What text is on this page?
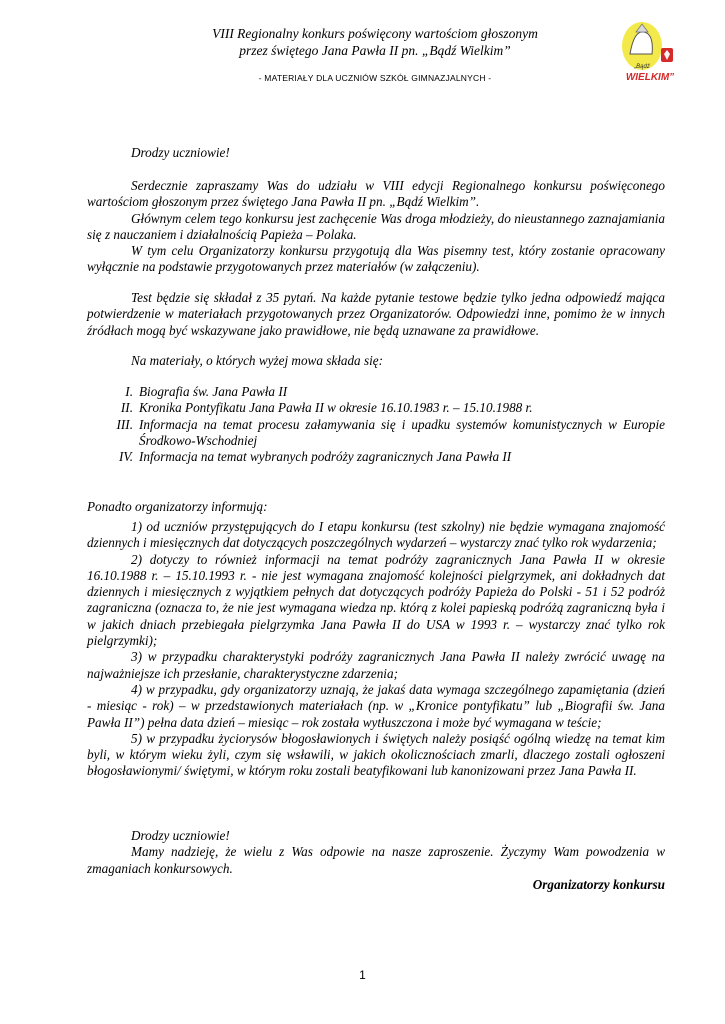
VIII Regionalny konkurs poświęcony wartościom głoszonym
przez świętego Jana Pawła II pn. „Bądź Wielkim”
- MATERIAŁY DLA UCZNIÓW SZKÓŁ GIMNAZJALNYCH -
„Bądź
WIELKIM”
Drodzy uczniowie!

Serdecznie zapraszamy Was do udziału w VIII edycji Regionalnego konkursu poświęconego wartościom głoszonym przez świętego Jana Pawła II pn. „Bądź Wielkim”.

Głównym celem tego konkursu jest zachęcenie Was droga młodzieży, do nieustannego zaznajamiania się z nauczaniem i działalnością Papieża – Polaka.

W tym celu Organizatorzy konkursu przygotują dla Was pisemny test, który zostanie opracowany wyłącznie na podstawie przygotowanych przez materiałów (w załączeniu).

Test będzie się składał z 35 pytań. Na każde pytanie testowe będzie tylko jedna odpowiedź mająca potwierdzenie w materiałach przygotowanych przez Organizatorów. Odpowiedzi inne, pomimo że w innych źródłach mogą być wskazywane jako prawidłowe, nie będą uznawane za prawidłowe.

Na materiały, o których wyżej mowa składa się:
I. Biografia św. Jana Pawła II
II. Kronika Pontyfikatu Jana Pawła II w okresie 16.10.1983 r. – 15.10.1988 r.
III. Informacja na temat procesu załamywania się i upadku systemów komunistycznych w Europie Środkowo-Wschodniej
IV. Informacja na temat wybranych podróży zagranicznych Jana Pawła II
Ponadto organizatorzy informują:

1) od uczniów przystępujących do I etapu konkursu (test szkolny) nie będzie wymagana znajomość dziennych i miesięcznych dat dotyczących poszczególnych wydarzeń – wystarczy znać tylko rok wydarzenia;

2) dotyczy to również informacji na temat podróży zagranicznych Jana Pawła II w okresie 16.10.1988 r. – 15.10.1993 r. - nie jest wymagana znajomość kolejności pielgrzymek, ani dokładnych dat dziennych i miesięcznych z wyjątkiem pełnych dat dotyczących podróży Papieża do Polski - 51 i 52 podróż zagraniczna (oznacza to, że nie jest wymagana wiedza np. którą z kolei papieską podróżą zagraniczną była i w jakich dniach przebiegała pielgrzymka Jana Pawła II do USA w 1993 r. – wystarczy znać tylko rok pielgrzymki);

3) w przypadku charakterystyki podróży zagranicznych Jana Pawła II należy zwrócić uwagę na najważniejsze ich przesłanie, charakterystyczne zdarzenia;

4) w przypadku, gdy organizatorzy uznają, że jakaś data wymaga szczególnego zapamiętania (dzień - miesiąc - rok) – w przedstawionych materiałach (np. w „Kronice pontyfikatu” lub „Biografii św. Jana Pawła II”) pełna data dzień – miesiąc – rok została wytłuszczona i może być wymagana w teście;

5) w przypadku życiorysów błogosławionych i świętych należy posiąść ogólną wiedzę na temat kim byli, w którym wieku żyli, czym się wsławili, w jakich okolicznościach zmarli, dlaczego zostali ogłoszeni błogosławionymi/ świętymi, w którym roku zostali beatyfikowani lub kanonizowani przez Jana Pawła II.

Drodzy uczniowie!

Mamy nadzieję, że wielu z Was odpowie na nasze zaproszenie. Życzymy Wam powodzenia w zmaganiach konkursowych.

Organizatorzy konkursu
1
